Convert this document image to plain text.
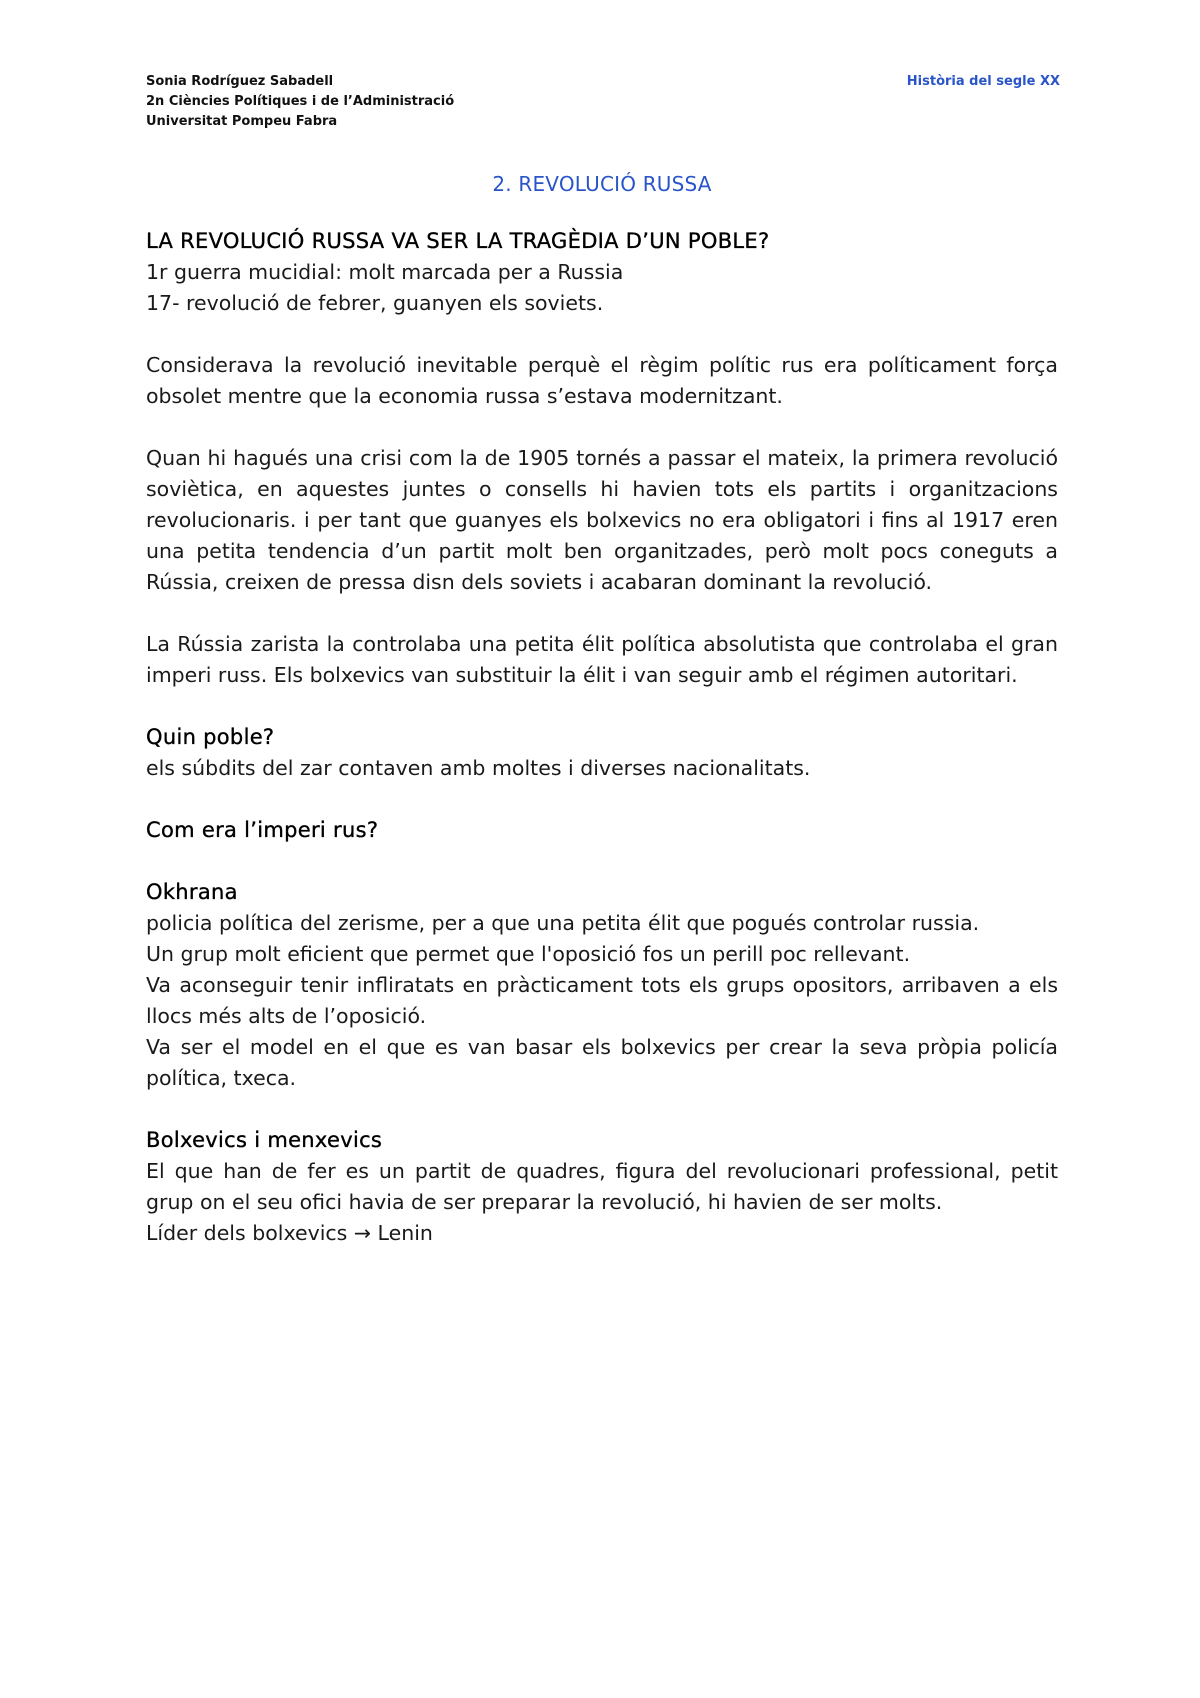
Sonia Rodríguez Sabadell
2n Ciències Polítiques i de l’Administració
Universitat Pompeu Fabra
Història del segle XX
2. REVOLUCIÓ RUSSA

LA REVOLUCIÓ RUSSA VA SER LA TRAGÈDIA D’UN POBLE?

1r guerra mucidial: molt marcada per a Russia

17- revolució de febrer, guanyen els soviets.

Considerava la revolució inevitable perquè el règim polític rus era políticament força obsolet mentre que la economia russa s’estava modernitzant.

Quan hi hagués una crisi com la de 1905 tornés a passar el mateix, la primera revolució soviètica, en aquestes juntes o consells hi havien tots els partits i organitzacions revolucionaris. i per tant que guanyes els bolxevics no era obligatori i fins al 1917 eren una petita tendencia d’un partit molt ben organitzades, però molt pocs coneguts a Rússia, creixen de pressa disn dels soviets i acabaran dominant la revolució.

La Rússia zarista la controlaba una petita élit política absolutista que controlaba el gran imperi russ. Els bolxevics van substituir la élit i van seguir amb el régimen autoritari.

Quin poble?

els súbdits del zar contaven amb moltes i diverses nacionalitats.

Com era l’imperi rus?

Okhrana

policia política del zerisme, per a que una petita élit que pogués controlar russia.

Un grup molt eficient que permet que l'oposició fos un perill poc rellevant.

Va aconseguir tenir infliratats en pràcticament tots els grups opositors, arribaven a els llocs més alts de l’oposició.

Va ser el model en el que es van basar els bolxevics per crear la seva pròpia policía política, txeca.

Bolxevics i menxevics

El que han de fer es un partit de quadres, figura del revolucionari professional, petit grup on el seu ofici havia de ser preparar la revolució, hi havien de ser molts.

Líder dels bolxevics → Lenin
